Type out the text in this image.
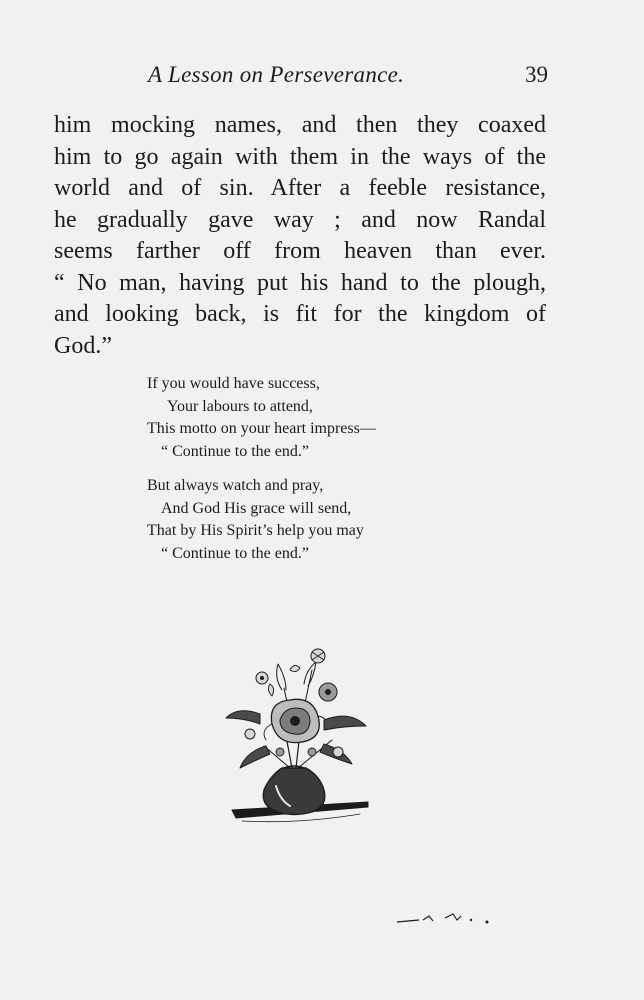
A Lesson on Perseverance.	39
him mocking names, and then they coaxed
him to go again with them in the ways of the
world and of sin. After a feeble resistance,
he gradually gave way ; and now Randal
seems farther off from heaven than ever.
“ No man, having put his hand to the plough,
and looking back, is fit for the kingdom of
God.”
If you would have success,
Your labours to attend,
This motto on your heart impress—
“ Continue to the end.”
But always watch and pray,
And God His grace will send,
That by His Spirit’s help you may
“ Continue to the end.”
